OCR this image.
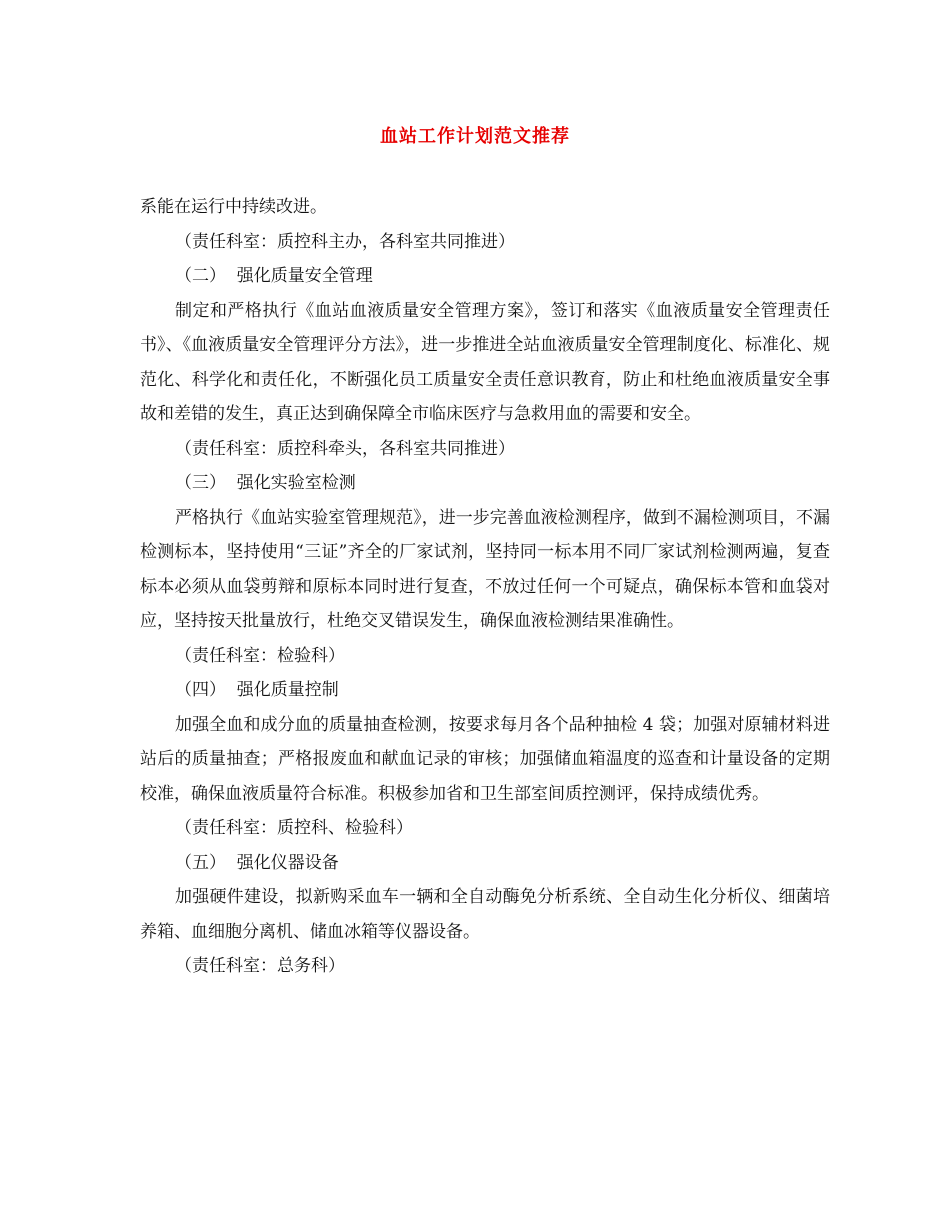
血站工作计划范文推荐

系能在运行中持续改进。

（责任科室：质控科主办，各科室共同推进）

（二）  强化质量安全管理

制定和严格执行《血站血液质量安全管理方案》，签订和落实《血液质量安全管理责任书》、《血液质量安全管理评分方法》，进一步推进全站血液质量安全管理制度化、标准化、规范化、科学化和责任化，不断强化员工质量安全责任意识教育，防止和杜绝血液质量安全事故和差错的发生，真正达到确保障全市临床医疗与急救用血的需要和安全。

（责任科室：质控科牵头，各科室共同推进）

（三）  强化实验室检测

严格执行《血站实验室管理规范》，进一步完善血液检测程序，做到不漏检测项目，不漏检测标本，坚持使用“三证”齐全的厂家试剂，坚持同一标本用不同厂家试剂检测两遍，复查标本必须从血袋剪辩和原标本同时进行复查，不放过任何一个可疑点，确保标本管和血袋对应，坚持按天批量放行，杜绝交叉错误发生，确保血液检测结果准确性。

（责任科室：检验科）

（四）  强化质量控制

加强全血和成分血的质量抽查检测，按要求每月各个品种抽检 4 袋；加强对原辅材料进站后的质量抽查；严格报废血和献血记录的审核；加强储血箱温度的巡查和计量设备的定期校准，确保血液质量符合标准。积极参加省和卫生部室间质控测评，保持成绩优秀。

（责任科室：质控科、检验科）

（五）  强化仪器设备

加强硬件建设，拟新购采血车一辆和全自动酶免分析系统、全自动生化分析仪、细菌培养箱、血细胞分离机、储血冰箱等仪器设备。

（责任科室：总务科）
